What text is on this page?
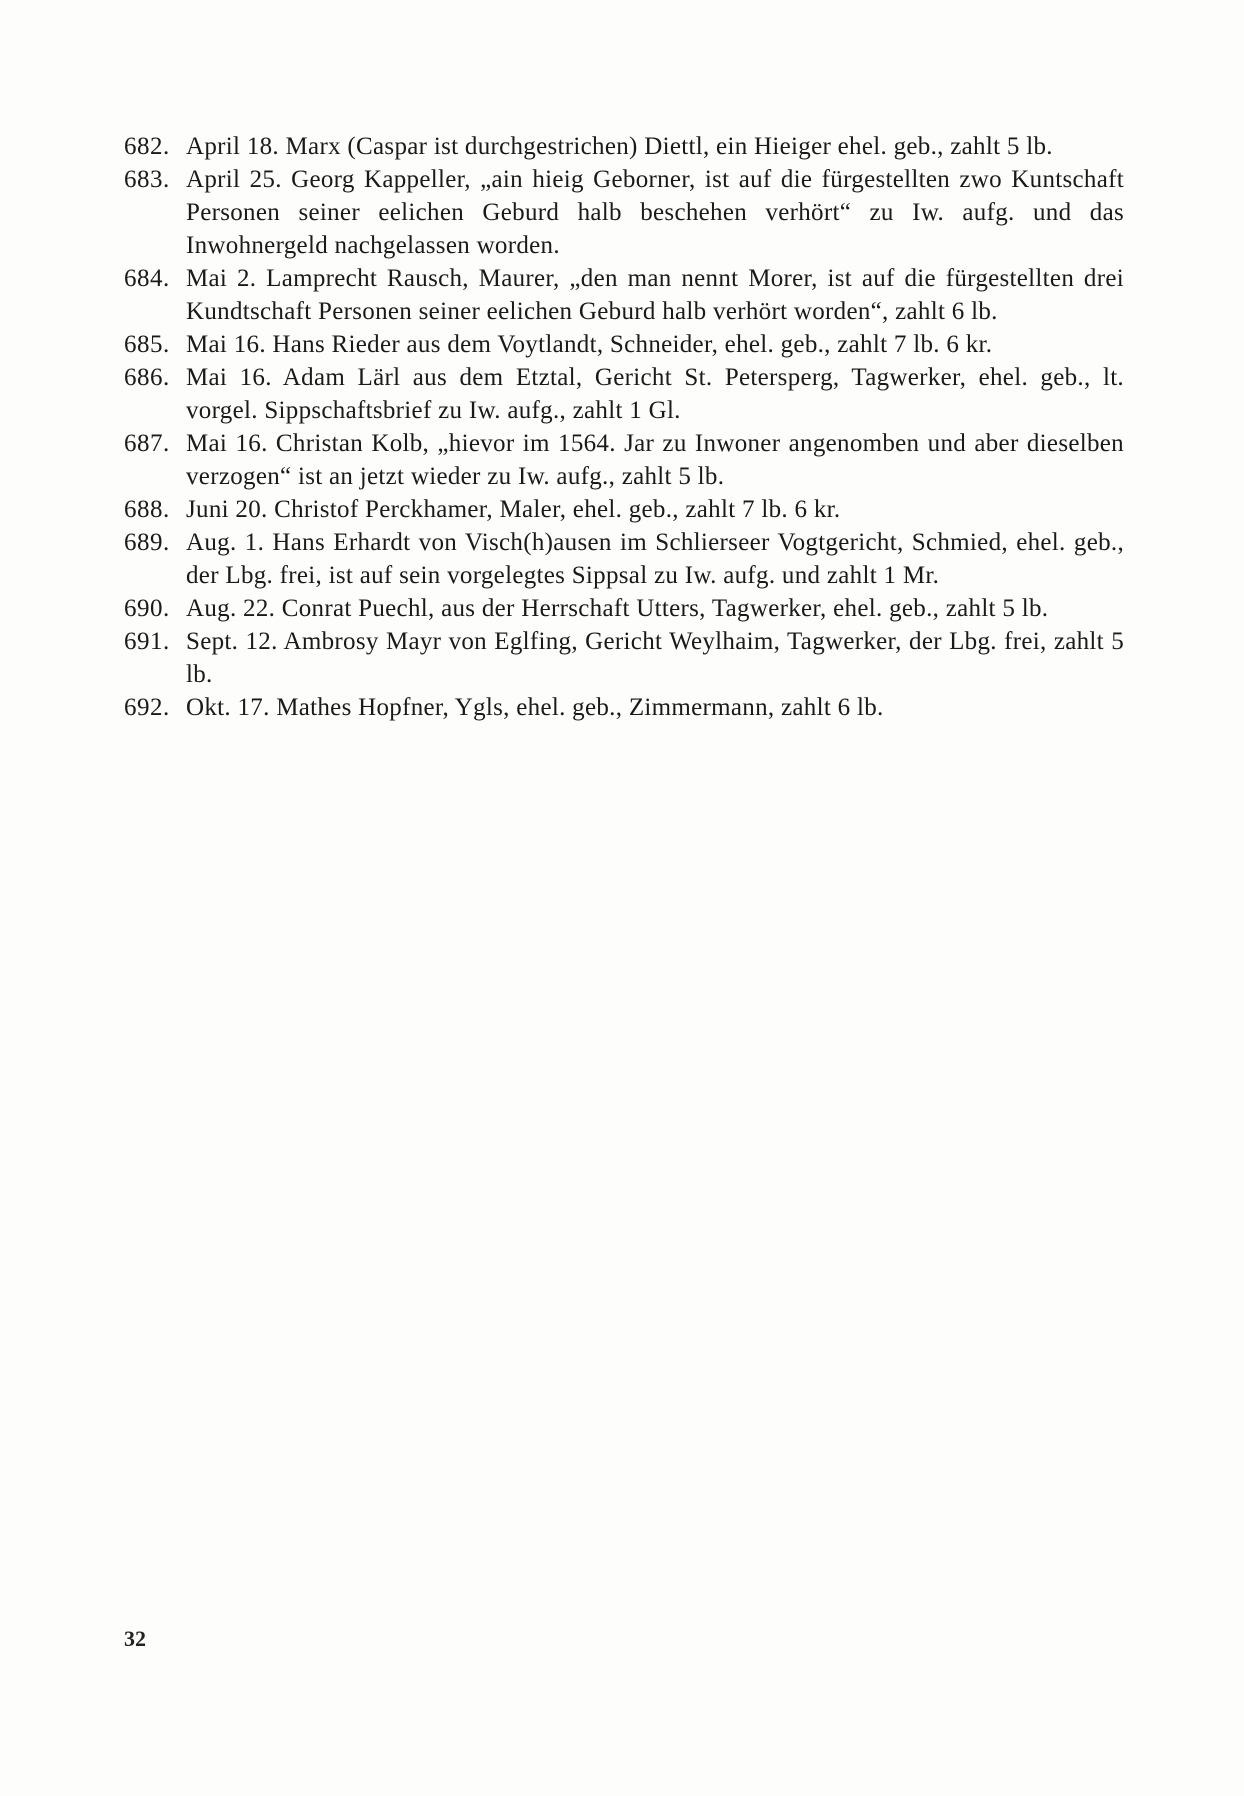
682. April 18. Marx (Caspar ist durchgestrichen) Diettl, ein Hieiger ehel. geb., zahlt 5 lb.
683. April 25. Georg Kappeller, „ain hieig Geborner, ist auf die fürgestellten zwo Kuntschaft Personen seiner eelichen Geburd halb beschehen verhört“ zu Iw. aufg. und das Inwohnergeld nachgelassen worden.
684. Mai 2. Lamprecht Rausch, Maurer, „den man nennt Morer, ist auf die fürgestellten drei Kundtschaft Personen seiner eelichen Geburd halb verhört worden“, zahlt 6 lb.
685. Mai 16. Hans Rieder aus dem Voytlandt, Schneider, ehel. geb., zahlt 7 lb. 6 kr.
686. Mai 16. Adam Lärl aus dem Etztal, Gericht St. Petersperg, Tagwerker, ehel. geb., lt. vorgel. Sippschaftsbrief zu Iw. aufg., zahlt 1 Gl.
687. Mai 16. Christan Kolb, „hievor im 1564. Jar zu Inwoner angenomben und aber dieselben verzogen“ ist an jetzt wieder zu Iw. aufg., zahlt 5 lb.
688. Juni 20. Christof Perckhamer, Maler, ehel. geb., zahlt 7 lb. 6 kr.
689. Aug. 1. Hans Erhardt von Visch(h)ausen im Schlierseer Vogtgericht, Schmied, ehel. geb., der Lbg. frei, ist auf sein vorgelegtes Sippsal zu Iw. aufg. und zahlt 1 Mr.
690. Aug. 22. Conrat Puechl, aus der Herrschaft Utters, Tagwerker, ehel. geb., zahlt 5 lb.
691. Sept. 12. Ambrosy Mayr von Eglfing, Gericht Weylhaim, Tagwerker, der Lbg. frei, zahlt 5 lb.
692. Okt. 17. Mathes Hopfner, Ygls, ehel. geb., Zimmermann, zahlt 6 lb.
32
